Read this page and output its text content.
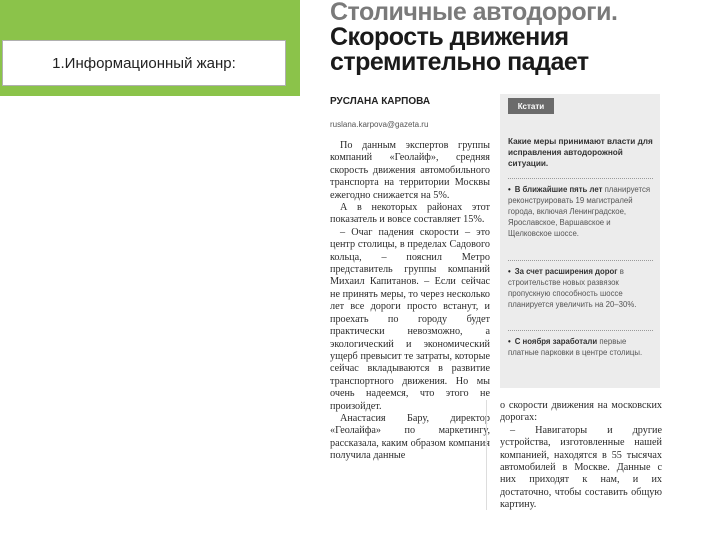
1.Информационный жанр:
Столичные автодороги.
Скорость движения
стремительно падает
РУСЛАНА КАРПОВА
ruslana.karpova@gazeta.ru

По данным экспертов группы компаний «Геолайф», средняя скорость движения автомобильного транспорта на территории Москвы ежегодно снижается на 5%.

А в некоторых районах этот показатель и вовсе составляет 15%.

– Очаг падения скорости – это центр столицы, в пределах Садового кольца, – пояснил Метро представитель группы компаний Михаил Капитанов. – Если сейчас не принять меры, то через несколько лет все дороги просто встанут, и проехать по городу будет практически невозможно, а экологический и экономический ущерб превысит те затраты, которые сейчас вкладываются в развитие транспортного движения. Но мы очень надеемся, что этого не произойдет.

Анастасия Бару, директор «Геолайфа» по маркетингу, рассказала, каким образом компания получила данные

Кстати
Какие меры принимают власти для исправления автодорожной ситуации.
• В ближайшие пять лет планируется реконструировать 19 магистралей города, включая Ленинградское, Ярославское, Варшавское и Щелковское шоссе.
• За счет расширения дорог в строительстве новых развязок пропускную способность шоссе планируется увеличить на 20–30%.
• С ноября заработали первые платные парковки в центре столицы.

о скорости движения на московских дорогах:

– Навигаторы и другие устройства, изготовленные нашей компанией, находятся в 55 тысячах автомобилей в Москве. Данные с них приходят к нам, и их достаточно, чтобы составить общую картину.
